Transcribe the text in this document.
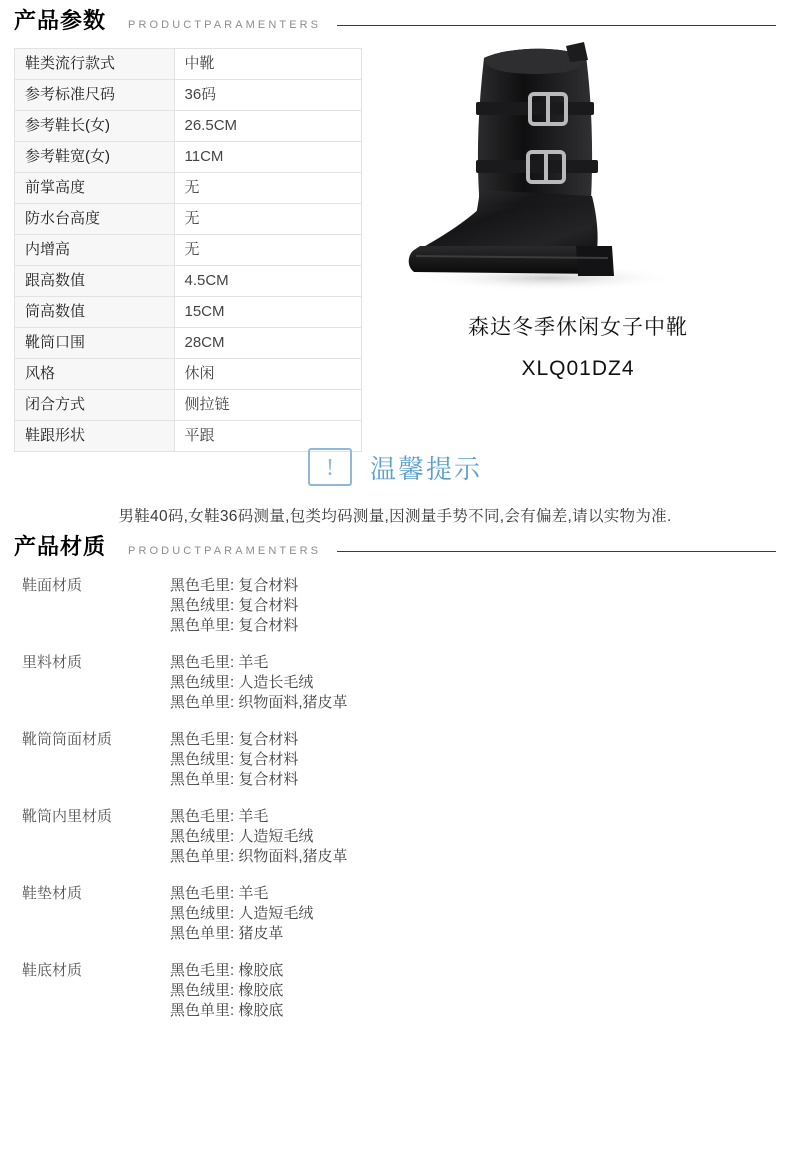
产品参数 PRODUCTPARAMENTERS
鞋类流行款式	中靴
参考标准尺码	36码
参考鞋长(女)	26.5CM
参考鞋宽(女)	11CM
前掌高度	无
防水台高度	无
内增高	无
跟高数值	4.5CM
筒高数值	15CM
靴筒口围	28CM
风格	休闲
闭合方式	侧拉链
鞋跟形状	平跟
森达冬季休闲女子中靴
XLQ01DZ4
!	温馨提示
男鞋40码,女鞋36码测量,包类均码测量,因测量手势不同,会有偏差,请以实物为准.
产品材质 PRODUCTPARAMENTERS
鞋面材质	黑色毛里: 复合材料
黑色绒里: 复合材料
黑色单里: 复合材料
里料材质	黑色毛里: 羊毛
黑色绒里: 人造长毛绒
黑色单里: 织物面料,猪皮革
靴筒筒面材质	黑色毛里: 复合材料
黑色绒里: 复合材料
黑色单里: 复合材料
靴筒内里材质	黑色毛里: 羊毛
黑色绒里: 人造短毛绒
黑色单里: 织物面料,猪皮革
鞋垫材质	黑色毛里: 羊毛
黑色绒里: 人造短毛绒
黑色单里: 猪皮革
鞋底材质	黑色毛里: 橡胶底
黑色绒里: 橡胶底
黑色单里: 橡胶底
